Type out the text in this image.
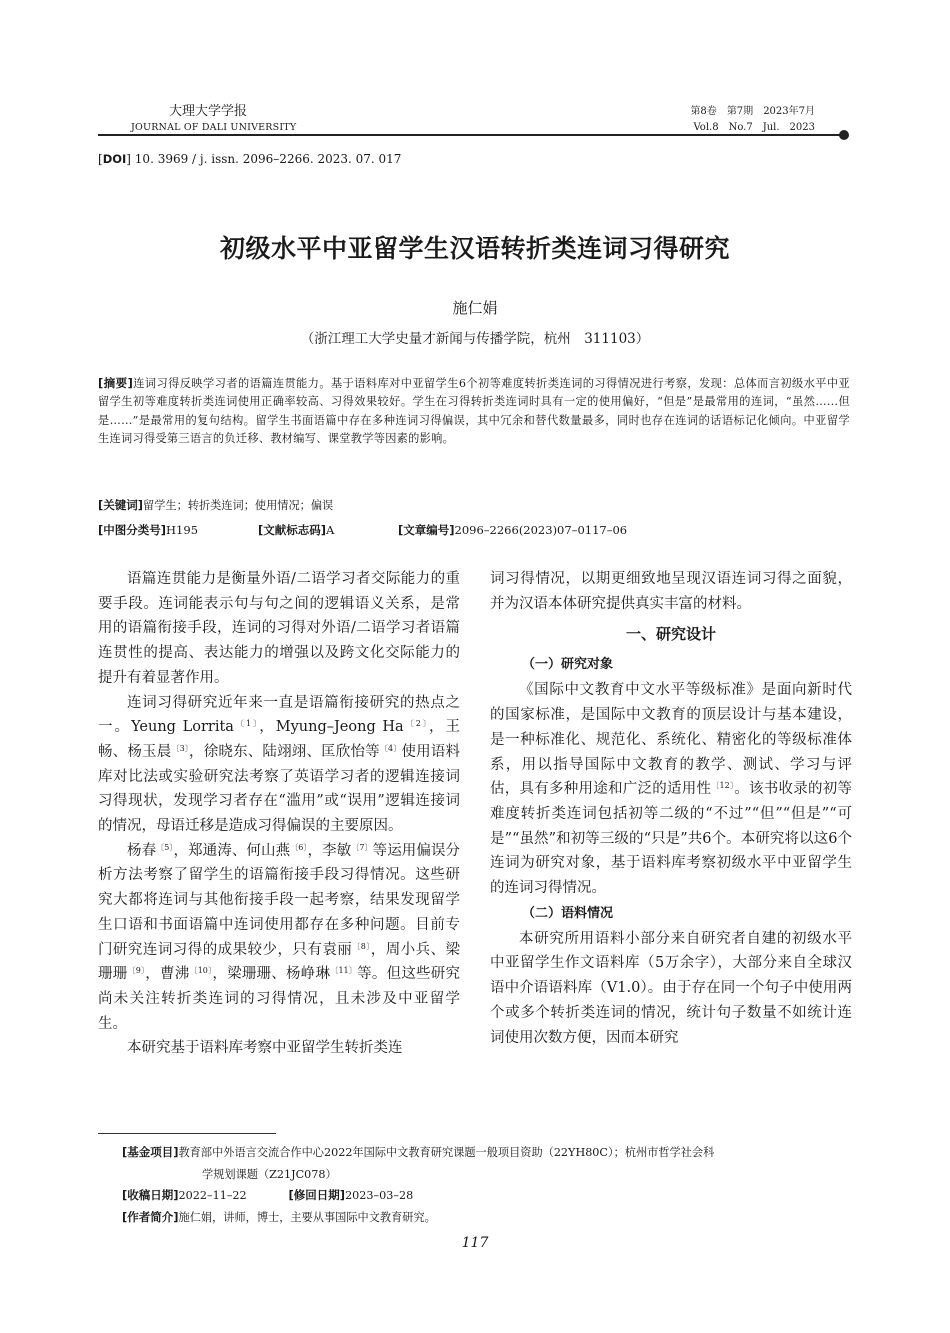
大理大学学报
JOURNAL OF DALI UNIVERSITY
第8卷 第7期 2023年7月
Vol.8 No.7 Jul. 2023
[DOI] 10. 3969 / j. issn. 2096–2266. 2023. 07. 017
初级水平中亚留学生汉语转折类连词习得研究
施仁娟
（浙江理工大学史量才新闻与传播学院，杭州　311103）
[摘要]连词习得反映学习者的语篇连贯能力。基于语料库对中亚留学生6个初等难度转折类连词的习得情况进行考察，发现：总体而言初级水平中亚留学生初等难度转折类连词使用正确率较高、习得效果较好。学生在习得转折类连词时具有一定的使用偏好，“但是”是最常用的连词，“虽然……但是……”是最常用的复句结构。留学生书面语篇中存在多种连词习得偏误，其中冗余和替代数量最多，同时也存在连词的话语标记化倾向。中亚留学生连词习得受第三语言的负迁移、教材编写、课堂教学等因素的影响。
[关键词]留学生；转折类连词；使用情况；偏误
[中图分类号]H195	[文献标志码]A	[文章编号]2096–2266(2023)07–0117–06

语篇连贯能力是衡量外语/二语学习者交际能力的重要手段。连词能表示句与句之间的逻辑语义关系，是常用的语篇衔接手段，连词的习得对外语/二语学习者语篇连贯性的提高、表达能力的增强以及跨文化交际能力的提升有着显著作用。

连词习得研究近年来一直是语篇衔接研究的热点之一。Yeung Lorrita$^{〔1〕}$，Myung–Jeong $Ha^{〔2〕}$，王畅、杨玉晨$^{〔3〕}$，徐晓东、陆翊翊、匡欣怡等$^{〔4〕}$使用语料库对比法或实验研究法考察了英语学习者的逻辑连接词习得现状，发现学习者存在“滥用”或“误用”逻辑连接词的情况，母语迁移是造成习得偏误的主要原因。

杨春$^{〔5〕}$，郑通涛、何山燕$^{〔6〕}$，李敏$^{〔7〕}$等运用偏误分析方法考察了留学生的语篇衔接手段习得情况。这些研究大都将连词与其他衔接手段一起考察，结果发现留学生口语和书面语篇中连词使用都存在多种问题。目前专门研究连词习得的成果较少，只有袁丽$^{〔8〕}$，周小兵、梁珊珊$^{〔9〕}$，曹沸$^{〔10〕}$，梁珊珊、杨峥琳$^{〔11〕}$等。但这些研究尚未关注转折类连词的习得情况，且未涉及中亚留学生。

本研究基于语料库考察中亚留学生转折类连

词习得情况，以期更细致地呈现汉语连词习得之面貌，并为汉语本体研究提供真实丰富的材料。

一、研究设计
（一）研究对象

《国际中文教育中文水平等级标准》是面向新时代的国家标准，是国际中文教育的顶层设计与基本建设，是一种标准化、规范化、系统化、精密化的等级标准体系，用以指导国际中文教育的教学、测试、学习与评估，具有多种用途和广泛的适用性$^{〔12〕}$。该书收录的初等难度转折类连词包括初等二级的“不过”“但”“但是”“可是”“虽然”和初等三级的“只是”共6个。本研究将以这6个连词为研究对象，基于语料库考察初级水平中亚留学生的连词习得情况。

（二）语料情况

本研究所用语料小部分来自研究者自建的初级水平中亚留学生作文语料库（5万余字），大部分来自全球汉语中介语语料库（V1.0）。由于存在同一个句子中使用两个或多个转折类连词的情况，统计句子数量不如统计连词使用次数方便，因而本研究

[基金项目]教育部中外语言交流合作中心2022年国际中文教育研究课题一般项目资助（22YH80C）；杭州市哲学社会科
学规划课题（Z21JC078）
[收稿日期]2022–11–22	[修回日期]2023–03–28
[作者简介]施仁娟，讲师，博士，主要从事国际中文教育研究。
117
